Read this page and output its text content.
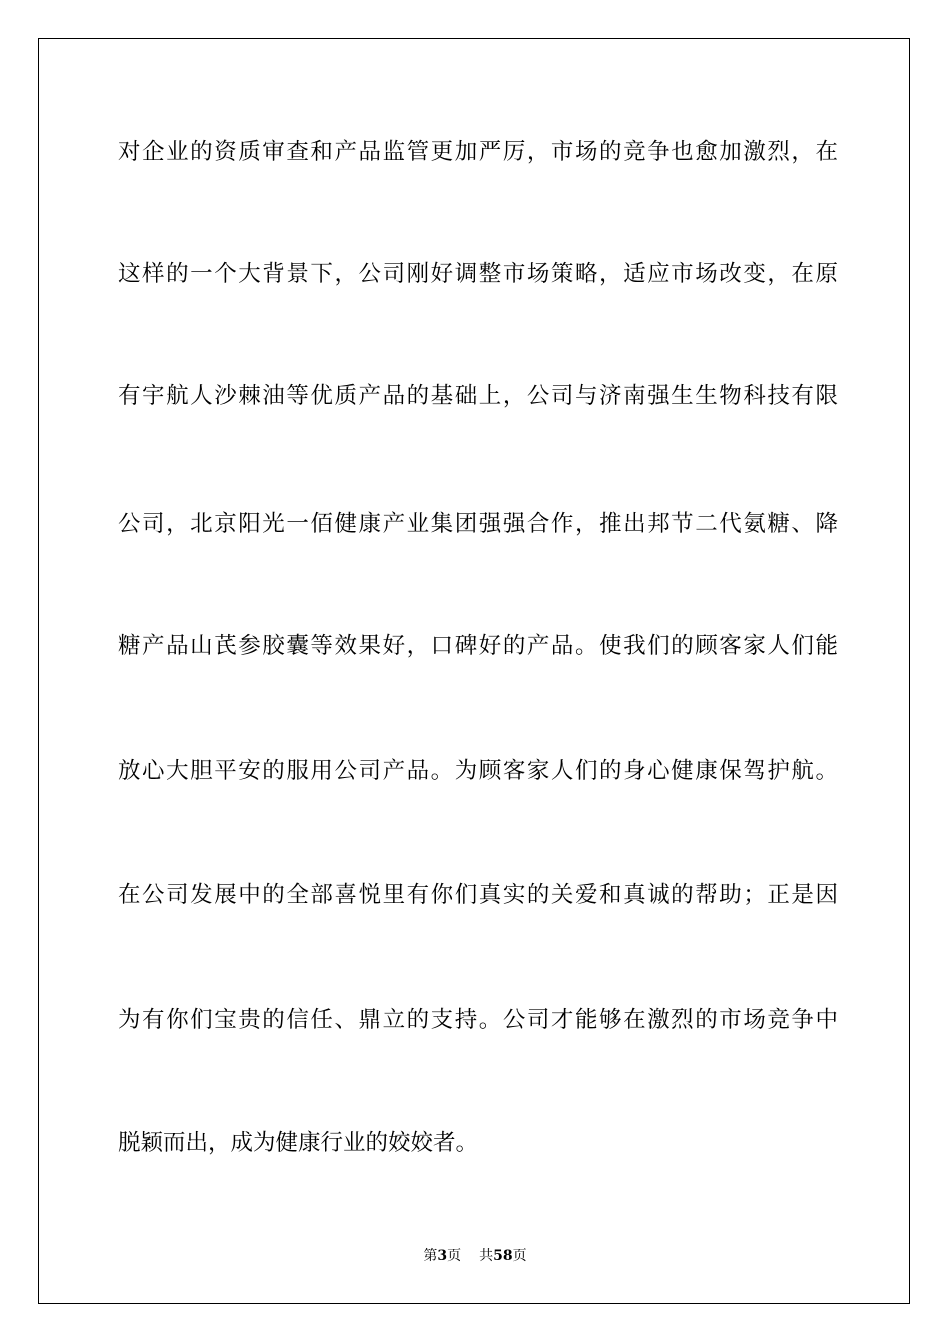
对企业的资质审查和产品监管更加严厉，市场的竞争也愈加激烈，在
这样的一个大背景下，公司刚好调整市场策略，适应市场改变，在原
有宇航人沙棘油等优质产品的基础上，公司与济南强生生物科技有限
公司，北京阳光一佰健康产业集团强强合作，推出邦节二代氨糖、降
糖产品山芪参胶囊等效果好，口碑好的产品。使我们的顾客家人们能
放心大胆平安的服用公司产品。为顾客家人们的身心健康保驾护航。
在公司发展中的全部喜悦里有你们真实的关爱和真诚的帮助；正是因
为有你们宝贵的信任、鼎立的支持。公司才能够在激烈的市场竞争中
脱颖而出，成为健康行业的姣姣者。
第3页 共58页
